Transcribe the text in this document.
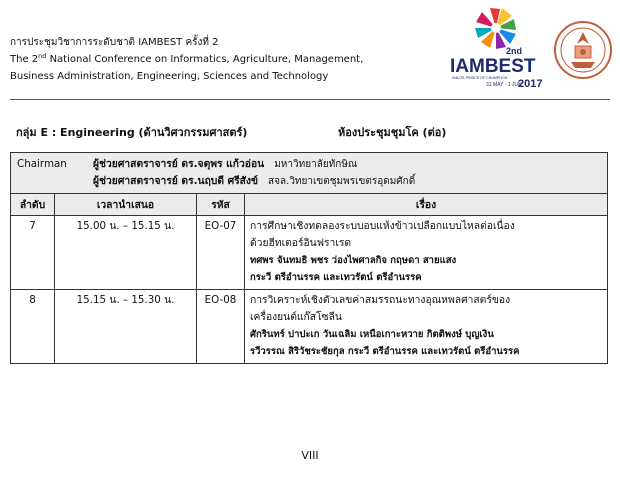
การประชุมวิชาการระดับชาติ IAMBEST ครั้งที่ 2
The 2nd National Conference on Informatics, Agriculture, Management,
Business Administration, Engineering, Sciences and Technology
2nd
IAMBEST
KMUTB PRINCE OF CHUMPHON
31 MAY - 1 JUN
2017
กลุ่ม E : Engineering (ด้านวิศวกรรมศาสตร์)	ห้องประชุมชุมโค (ต่อ)
Chairman ผู้ช่วยศาสตราจารย์ ดร.จตุพร แก้วอ่อน มหาวิทยาลัยทักษิณ
ผู้ช่วยศาสตราจารย์ ดร.นฤบดี ศรีสังข์ สจล.วิทยาเขตชุมพรเขตรอุดมศักดิ์			

ลำดับ	เวลานำเสนอ	รหัส	เรื่อง
7	15.00 น. – 15.15 น.	EO-07	การศึกษาเชิงทดลองระบบอบแห้งข้าวเปลือกแบบไหลต่อเนื่อง
ด้วยฮีทเตอร์อินฟราเรด
ทศพร จันทมธิ พชร ว่องไพศาลกิจ กฤษดา สายแสง
กระวี ตรีอำนรรค และเทวรัตน์ ตรีอำนรรค

8	15.15 น. – 15.30 น.	EO-08	การวิเคราะห์เชิงตัวเลขค่าสมรรถนะทางอุณหพลศาสตร์ของ
เครื่องยนต์แก๊สโซลีน
ศักรินทร์ ปาปะเก วันเฉลิม เหนือเกาะหวาย กิตติพงษ์ บุญเงิน
รวีวรรณ สิริวัชระชัยกุล กระวี ตรีอำนรรค และเทวรัตน์ ตรีอำนรรค
VIII
